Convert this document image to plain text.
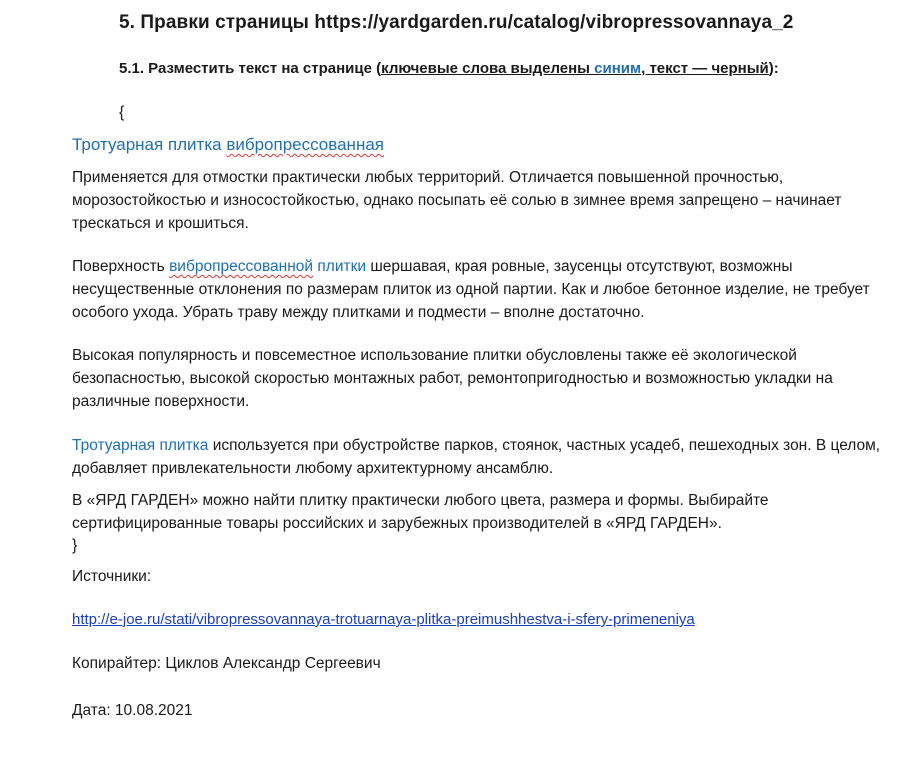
5. Правки страницы https://yardgarden.ru/catalog/vibropressovannaya_2
5.1. Разместить текст на странице (ключевые слова выделены синим, текст — черный):
{
Тротуарная плитка вибропрессованная
Применяется для отмостки практически любых территорий. Отличается повышенной прочностью, морозостойкостью и износостойкостью, однако посыпать её солью в зимнее время запрещено – начинает трескаться и крошиться.
Поверхность вибропрессованной плитки шершавая, края ровные, заусенцы отсутствуют, возможны несущественные отклонения по размерам плиток из одной партии. Как и любое бетонное изделие, не требует особого ухода. Убрать траву между плитками и подмести – вполне достаточно.
Высокая популярность и повсеместное использование плитки обусловлены также её экологической безопасностью, высокой скоростью монтажных работ, ремонтопригодностью и возможностью укладки на различные поверхности.
Тротуарная плитка используется при обустройстве парков, стоянок, частных усадеб, пешеходных зон. В целом, добавляет привлекательности любому архитектурному ансамблю.
В «ЯРД ГАРДЕН» можно найти плитку практически любого цвета, размера и формы. Выбирайте сертифицированные товары российских и зарубежных производителей в «ЯРД ГАРДЕН».
}
Источники:
http://e-joe.ru/stati/vibropressovannaya-trotuarnaya-plitka-preimushhestva-i-sfery-primeneniya
Копирайтер: Циклов Александр Сергеевич
Дата: 10.08.2021
